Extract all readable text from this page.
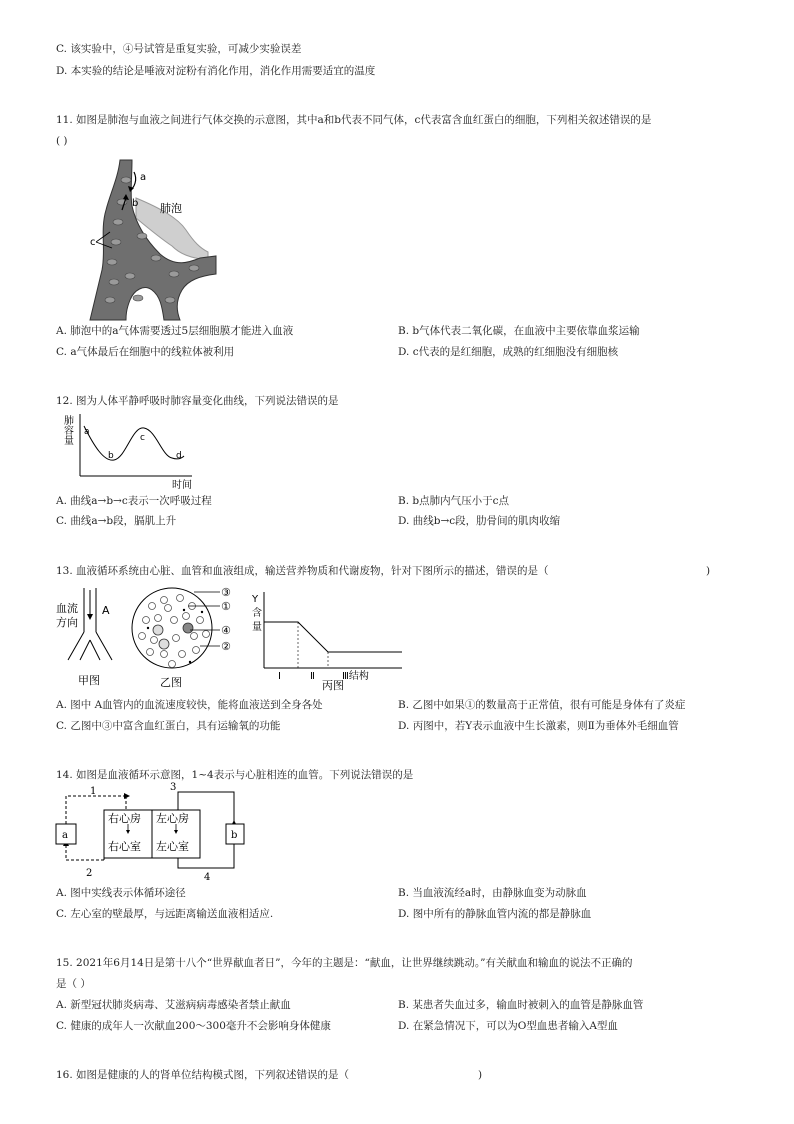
C. 该实验中，④号试管是重复实验，可减少实验误差
D. 本实验的结论是唾液对淀粉有消化作用，消化作用需要适宜的温度
11. 如图是肺泡与血液之间进行气体交换的示意图，其中a和b代表不同气体，c代表富含血红蛋白的细胞，下列相关叙述错误的是
( )
a
b
c
肺泡
A. 肺泡中的a气体需要透过5层细胞膜才能进入血液	B. b气体代表二氧化碳，在血液中主要依靠血浆运输
C. a气体最后在细胞中的线粒体被利用	D. c代表的是红细胞，成熟的红细胞没有细胞核
12. 图为人体平静呼吸时肺容量变化曲线，下列说法错误的是
肺
容
量
时间
a
b
c
d
A. 曲线a→b→c表示一次呼吸过程	B. b点肺内气压小于c点
C. 曲线a→b段，膈肌上升	D. 曲线b→c段，肋骨间的肌肉收缩
13. 血液循环系统由心脏、血管和血液组成，输送营养物质和代谢废物，针对下图所示的描述，错误的是（	)
血流
方向
A
甲图
③
①
④
②
乙图
Y
含
量
Ⅰ	Ⅱ	Ⅲ结构
丙图
A. 图中 A血管内的血流速度较快，能将血液送到全身各处	B. 乙图中如果①的数量高于正常值，很有可能是身体有了炎症
C. 乙图中③中富含血红蛋白，具有运输氧的功能	D. 丙图中，若Y表示血液中生长激素，则Ⅱ为垂体外毛细血管
14. 如图是血液循环示意图，1~4表示与心脏相连的血管。下列说法错误的是
a	b
1
2
3
4
右心房 左心房
右心室 左心室
A. 图中实线表示体循环途径	B. 当血液流经a时，由静脉血变为动脉血
C. 左心室的壁最厚，与远距离输送血液相适应.	D. 图中所有的静脉血管内流的都是静脉血
15. 2021年6月14日是第十八个“世界献血者日”，今年的主题是：“献血，让世界继续跳动。”有关献血和输血的说法不正确的
是（ ）
A. 新型冠状肺炎病毒、艾滋病病毒感染者禁止献血	B. 某患者失血过多，输血时被刺入的血管是静脉血管
C. 健康的成年人一次献血200～300毫升不会影响身体健康	D. 在紧急情况下，可以为O型血患者输入A型血
16. 如图是健康的人的肾单位结构模式图，下列叙述错误的是（	)
